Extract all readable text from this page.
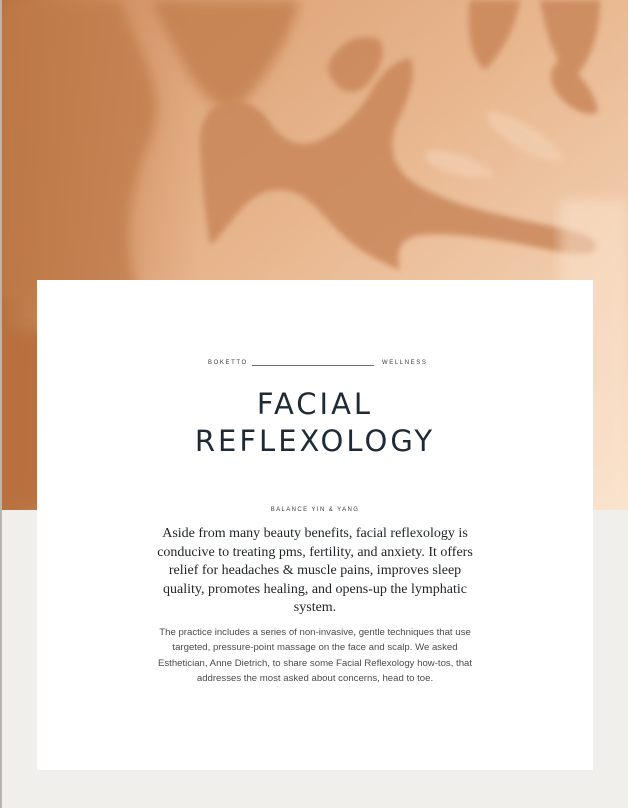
BOKETTO	WELLNESS
FACIAL
REFLEXOLOGY
BALANCE YIN & YANG

Aside from many beauty benefits, facial reflexology is conducive to treating pms, fertility, and anxiety. It offers relief for headaches & muscle pains, improves sleep quality, promotes healing, and opens-up the lymphatic system.

The practice includes a series of non-invasive, gentle techniques that use targeted, pressure-point massage on the face and scalp. We asked Esthetician, Anne Dietrich, to share some Facial Reflexology how-tos, that addresses the most asked about concerns, head to toe.
